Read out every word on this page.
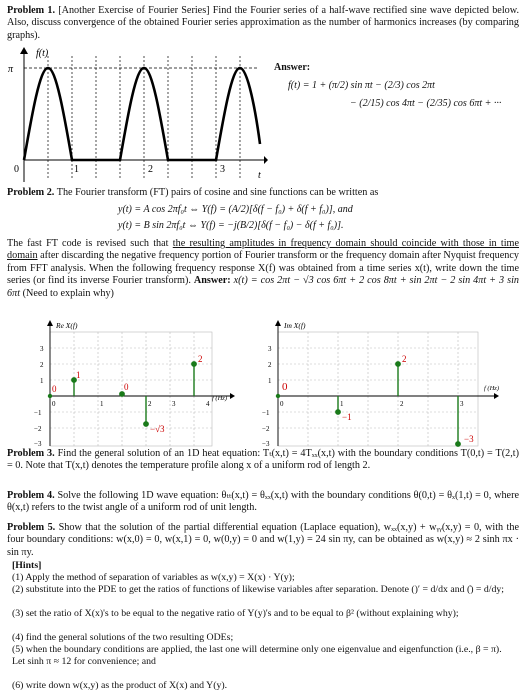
Problem 1. [Another Exercise of Fourier Series] Find the Fourier series of a half-wave rectified sine wave depicted below. Also, discuss convergence of the obtained Fourier series approximation as the number of harmonics increases (by comparing graphs).
f(t)
π
0	1	2	3
t
Answer:
f(t) = 1 + (π/2) sin πt − (2/3) cos 2πt
− (2/15) cos 4πt − (2/35) cos 6πt + ···
Problem 2. The Fourier transform (FT) pairs of cosine and sine functions can be written as
y(t) = A cos 2πf₀t ⇔ Y(f) = (A/2)[δ(f − f₀) + δ(f + f₀)], and
y(t) = B sin 2πf₀t ⇔ Y(f) = −j(B/2)[δ(f − f₀) − δ(f + f₀)].
The fast FT code is revised such that the resulting amplitudes in frequency domain should coincide with those in time domain after discarding the negative frequency portion of Fourier transform or the frequency domain after Nyquist frequency from FFT analysis. When the following frequency response X(f) was obtained from a time series x(t), write down the time series (or find its inverse Fourier transform). Answer: x(t) = cos 2πt − √3 cos 6πt + 2 cos 8πt + sin 2πt − 2 sin 4πt + 3 sin 6πt (Need to explain why)
0
1
0
−√3
2
3
2
1
0
−1
−2
−3
1	2	3	4
Re X(f)
f (Hz)
0
−1
2
−3
3
2
1
0
−1
−2
−3
1	2	3
Im X(f)
f (Hz)
Problem 3. Find the general solution of an 1D heat equation: Tₜ(x,t) = 4Tₓₓ(x,t) with the boundary conditions T(0,t) = T(2,t) = 0. Note that T(x,t) denotes the temperature profile along x of a uniform rod of length 2.
Problem 4. Solve the following 1D wave equation: θₜₜ(x,t) = θₓₓ(x,t) with the boundary conditions θ(0,t) = θₓ(1,t) = 0, where θ(x,t) refers to the twist angle of a uniform rod of unit length.
Problem 5. Show that the solution of the partial differential equation (Laplace equation), wₓₓ(x,y) + wᵧᵧ(x,y) = 0, with the four boundary conditions: w(x,0) = 0, w(x,1) = 0, w(0,y) = 0 and w(1,y) = 24 sin πy, can be obtained as w(x,y) ≈ 2 sinh πx · sin πy.
[Hints]
(1) Apply the method of separation of variables as w(x,y) = X(x) · Y(y);
(2) substitute into the PDE to get the ratios of functions of likewise variables after separation. Denote ()′ = d/dx and (̇) = d/dy;
(3) set the ratio of X(x)'s to be equal to the negative ratio of Y(y)'s and to be equal to β² (without explaining why);
(4) find the general solutions of the two resulting ODEs;
(5) when the boundary conditions are applied, the last one will determine only one eigenvalue and eigenfunction (i.e., β = π). Let sinh π ≈ 12 for convenience; and
(6) write down w(x,y) as the product of X(x) and Y(y).
